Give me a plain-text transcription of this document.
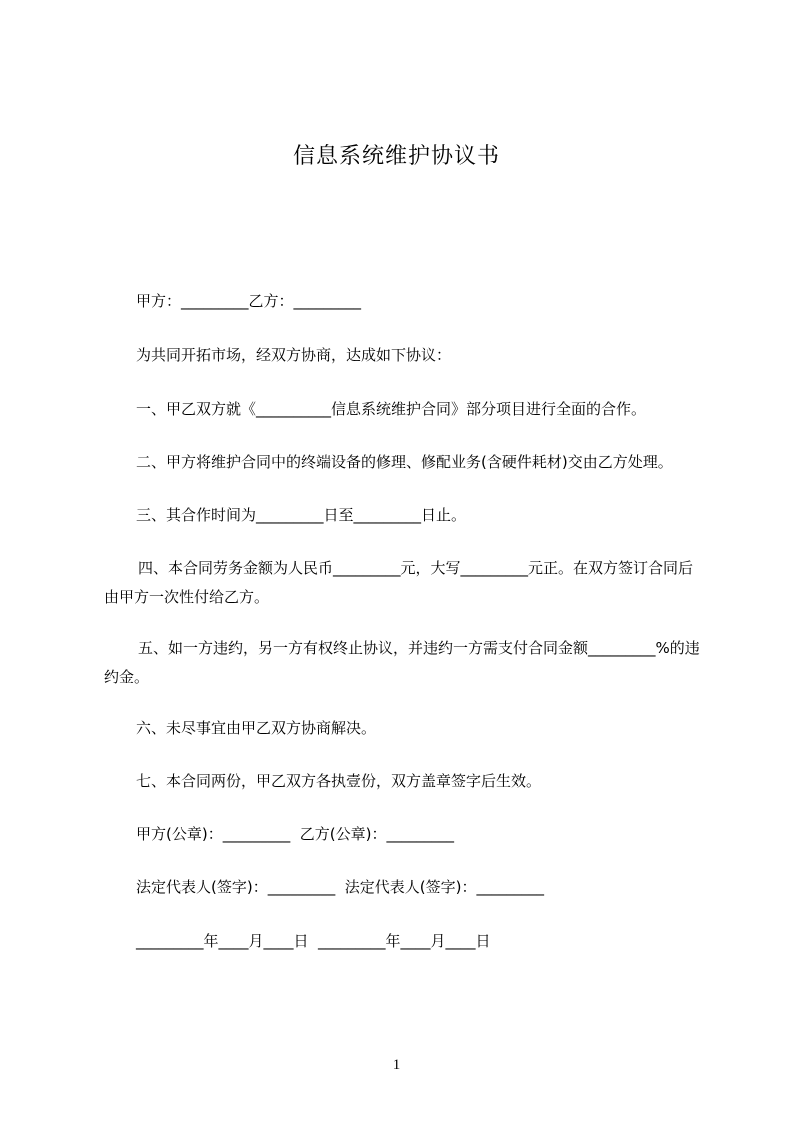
信息系统维护协议书
甲方：_________乙方：_________
为共同开拓市场，经双方协商，达成如下协议：
一、甲乙双方就《__________信息系统维护合同》部分项目进行全面的合作。
二、甲方将维护合同中的终端设备的修理、修配业务(含硬件耗材)交由乙方处理。
三、其合作时间为_________日至_________日止。
四、本合同劳务金额为人民币_________元，大写_________元正。在双方签订合同后由甲方一次性付给乙方。
五、如一方违约，另一方有权终止协议，并违约一方需支付合同金额_________%的违约金。
六、未尽事宜由甲乙双方协商解决。
七、本合同两份，甲乙双方各执壹份，双方盖章签字后生效。
甲方(公章)：_________  乙方(公章)：_________
法定代表人(签字)：_________  法定代表人(签字)：_________
_________年____月____日  _________年____月____日
1
